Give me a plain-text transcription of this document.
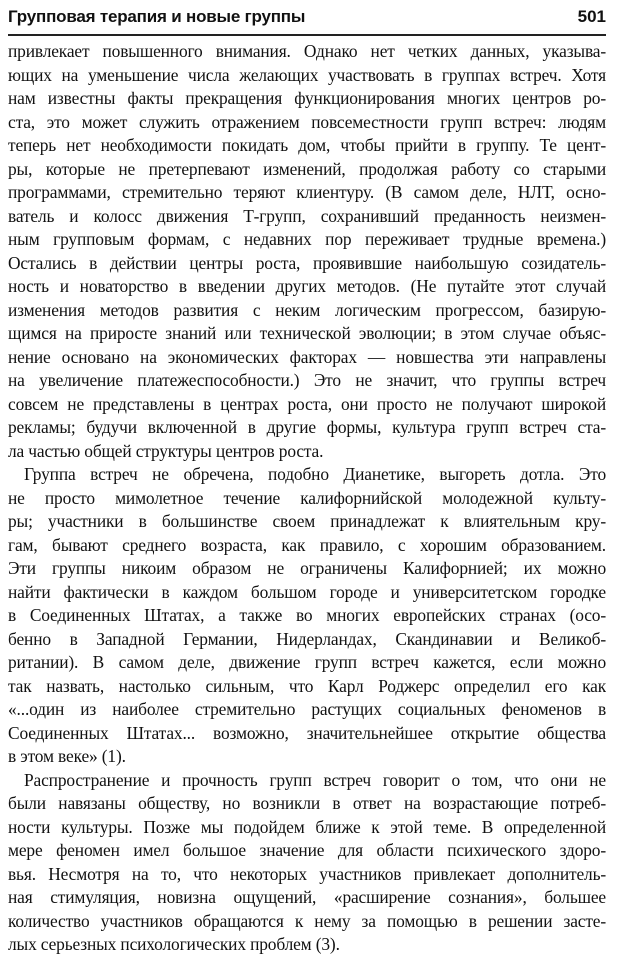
Групповая терапия и новые группы	501
привлекает повышенного внимания. Однако нет четких данных, указыва-
ющих на уменьшение числа желающих участвовать в группах встреч. Хотя
нам известны факты прекращения функционирования многих центров ро-
ста, это может служить отражением повсеместности групп встреч: людям
теперь нет необходимости покидать дом, чтобы прийти в группу. Те цент-
ры, которые не претерпевают изменений, продолжая работу со старыми
программами, стремительно теряют клиентуру. (В самом деле, НЛТ, осно-
ватель и колосс движения Т-групп, сохранивший преданность неизмен-
ным групповым формам, с недавних пор переживает трудные времена.)
Остались в действии центры роста, проявившие наибольшую созидатель-
ность и новаторство в введении других методов. (Не путайте этот случай
изменения методов развития с неким логическим прогрессом, базирую-
щимся на приросте знаний или технической эволюции; в этом случае объяс-
нение основано на экономических факторах — новшества эти направлены
на увеличение платежеспособности.) Это не значит, что группы встреч
совсем не представлены в центрах роста, они просто не получают широкой
рекламы; будучи включенной в другие формы, культура групп встреч ста-
ла частью общей структуры центров роста.
Группа встреч не обречена, подобно Дианетике, выгореть дотла. Это
не просто мимолетное течение калифорнийской молодежной культу-
ры; участники в большинстве своем принадлежат к влиятельным кру-
гам, бывают среднего возраста, как правило, с хорошим образованием.
Эти группы никоим образом не ограничены Калифорнией; их можно
найти фактически в каждом большом городе и университетском городке
в Соединенных Штатах, а также во многих европейских странах (осо-
бенно в Западной Германии, Нидерландах, Скандинавии и Великоб-
ритании). В самом деле, движение групп встреч кажется, если можно
так назвать, настолько сильным, что Карл Роджерс определил его как
«...один из наиболее стремительно растущих социальных феноменов в
Соединенных Штатах... возможно, значительнейшее открытие общества
в этом веке» (1).
Распространение и прочность групп встреч говорит о том, что они не
были навязаны обществу, но возникли в ответ на возрастающие потреб-
ности культуры. Позже мы подойдем ближе к этой теме. В определенной
мере феномен имел большое значение для области психического здоро-
вья. Несмотря на то, что некоторых участников привлекает дополнитель-
ная стимуляция, новизна ощущений, «расширение сознания», большее
количество участников обращаются к нему за помощью в решении засте-
лых серьезных психологических проблем (3).
